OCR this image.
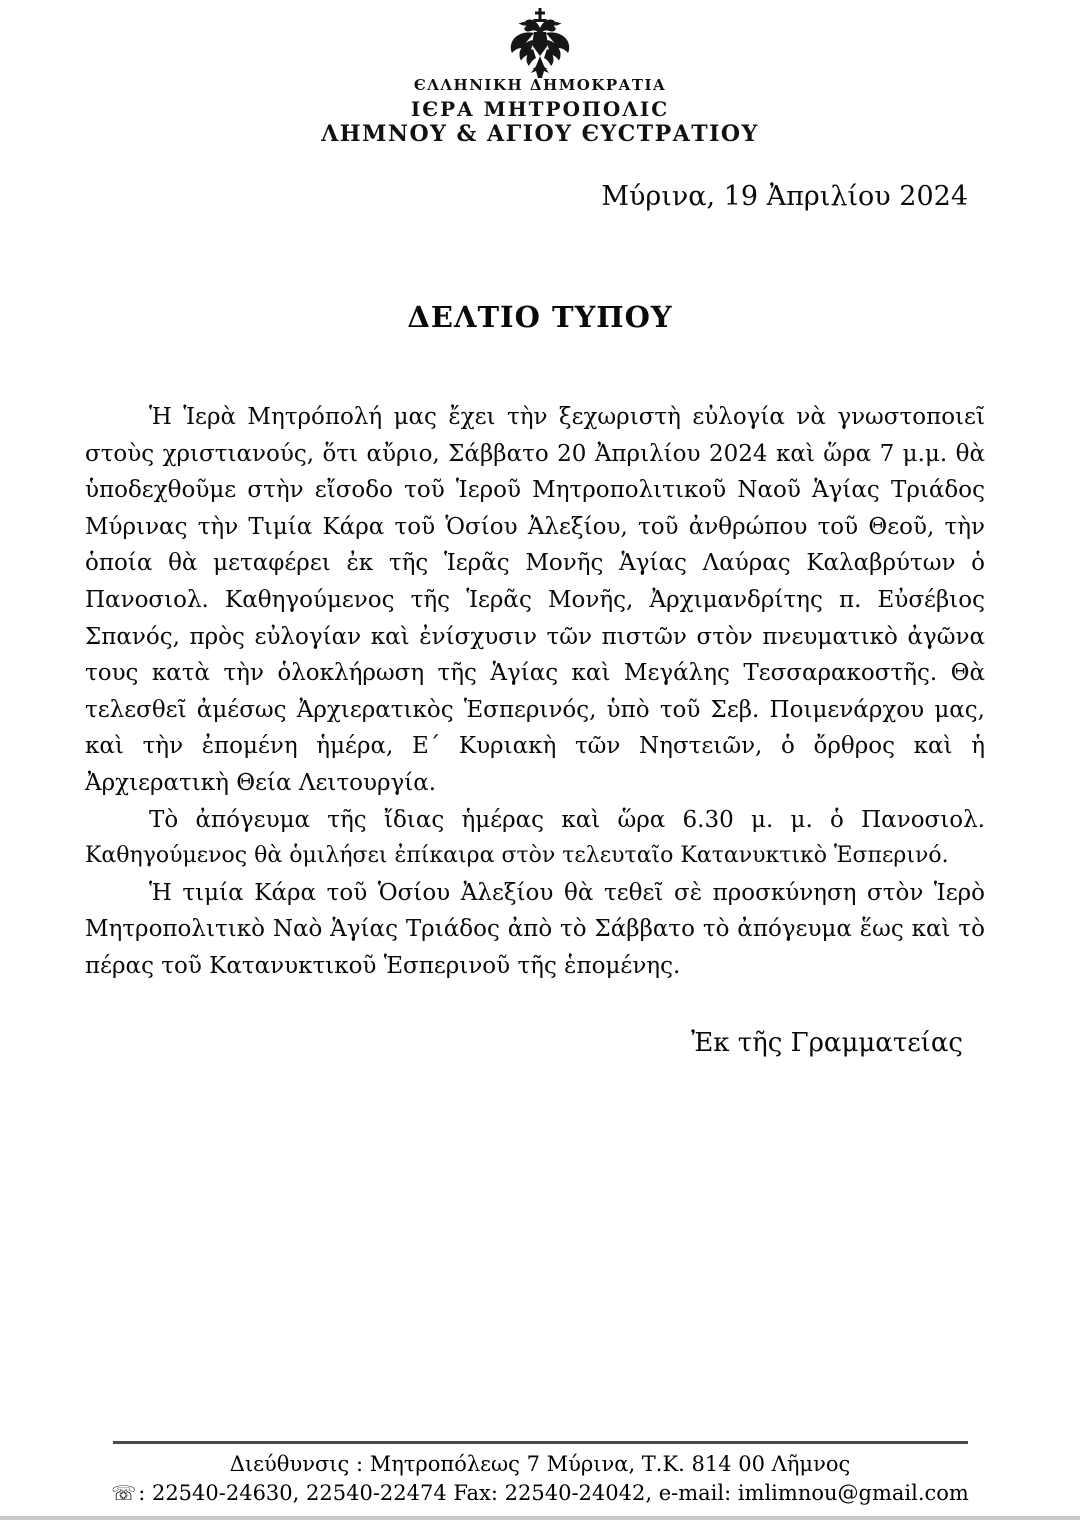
ЄΛΛΗΝΙΚΗ ΔΗΜΟΚΡΑΤΙΑ
ΙЄΡΑ ΜΗΤΡΟΠΟΛΙC
ΛΗΜΝΟΥ & ΑΓΙΟΥ ЄΥCΤΡΑΤΙΟΥ
Μύρινα, 19 Ἀπριλίου 2024
ΔΕΛΤΙΟ ΤΥΠΟΥ
Ἡ Ἱερὰ Μητρόπολή μας ἔχει τὴν ξεχωριστὴ εὐλογία νὰ γνωστοποιεῖ
στοὺς χριστιανούς, ὅτι αὔριο, Σάββατο 20 Ἀπριλίου 2024 καὶ ὥρα 7 μ.μ. θὰ
ὑποδεχθοῦμε στὴν εἴσοδο τοῦ Ἱεροῦ Μητροπολιτικοῦ Ναοῦ Ἁγίας Τριάδος
Μύρινας τὴν Τιμία Κάρα τοῦ Ὁσίου Ἀλεξίου, τοῦ ἀνθρώπου τοῦ Θεοῦ, τὴν
ὁποία θὰ μεταφέρει ἐκ τῆς Ἱερᾶς Μονῆς Ἁγίας Λαύρας Καλαβρύτων ὁ
Πανοσιολ. Καθηγούμενος τῆς Ἱερᾶς Μονῆς, Ἀρχιμανδρίτης π. Εὐσέβιος
Σπανός, πρὸς εὐλογίαν καὶ ἐνίσχυσιν τῶν πιστῶν στὸν πνευματικὸ ἀγῶνα
τους κατὰ τὴν ὁλοκλήρωση τῆς Ἁγίας καὶ Μεγάλης Τεσσαρακοστῆς. Θὰ
τελεσθεῖ ἀμέσως Ἀρχιερατικὸς Ἑσπερινός, ὑπὸ τοῦ Σεβ. Ποιμενάρχου μας,
καὶ τὴν ἐπομένη ἡμέρα, Ε΄ Κυριακὴ τῶν Νηστειῶν, ὁ ὄρθρος καὶ ἡ
Ἀρχιερατικὴ Θεία Λειτουργία.
Τὸ ἀπόγευμα τῆς ἴδιας ἡμέρας καὶ ὥρα 6.30 μ. μ. ὁ Πανοσιολ.
Καθηγούμενος θὰ ὁμιλήσει ἐπίκαιρα στὸν τελευταῖο Κατανυκτικὸ Ἑσπερινό.
Ἡ τιμία Κάρα τοῦ Ὁσίου Ἀλεξίου θὰ τεθεῖ σὲ προσκύνηση στὸν Ἱερὸ
Μητροπολιτικὸ Ναὸ Ἁγίας Τριάδος ἀπὸ τὸ Σάββατο τὸ ἀπόγευμα ἕως καὶ τὸ
πέρας τοῦ Κατανυκτικοῦ Ἑσπερινοῦ τῆς ἑπομένης.
Ἐκ τῆς Γραμματείας
Διεύθυνσις : Μητροπόλεως 7 Μύρινα, Τ.Κ. 814 00 Λῆμνος
☏: 22540-24630, 22540-22474 Fax: 22540-24042, e-mail: imlimnou@gmail.com
